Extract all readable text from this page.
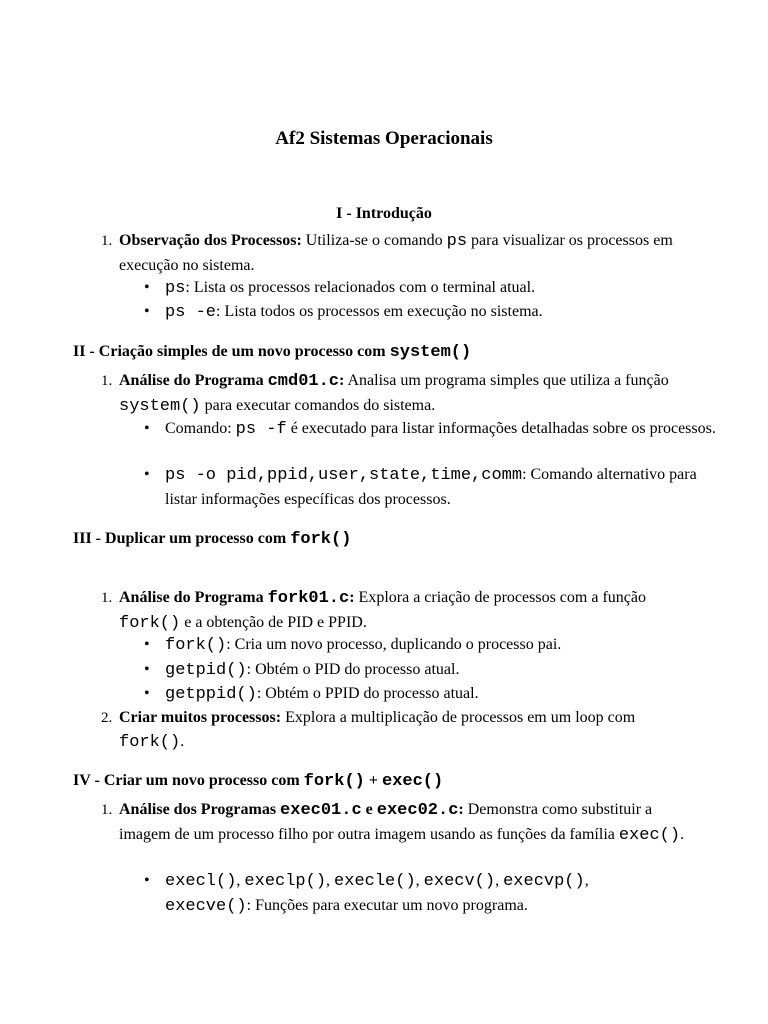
Af2 Sistemas Operacionais
I - Introdução
1. Observação dos Processos: Utiliza-se o comando ps para visualizar os processos em execução no sistema.
• ps: Lista os processos relacionados com o terminal atual.
• ps -e: Lista todos os processos em execução no sistema.
II - Criação simples de um novo processo com system()
1. Análise do Programa cmd01.c: Analisa um programa simples que utiliza a função system() para executar comandos do sistema.
• Comando: ps -f é executado para listar informações detalhadas sobre os processos.
• ps -o pid,ppid,user,state,time,comm: Comando alternativo para listar informações específicas dos processos.
III - Duplicar um processo com fork()
1. Análise do Programa fork01.c: Explora a criação de processos com a função fork() e a obtenção de PID e PPID.
• fork(): Cria um novo processo, duplicando o processo pai.
• getpid(): Obtém o PID do processo atual.
• getppid(): Obtém o PPID do processo atual.
2. Criar muitos processos: Explora a multiplicação de processos em um loop com fork().
IV - Criar um novo processo com fork() + exec()
1. Análise dos Programas exec01.c e exec02.c: Demonstra como substituir a imagem de um processo filho por outra imagem usando as funções da família exec().
• execl(), execlp(), execle(), execv(), execvp(),
execve(): Funções para executar um novo programa.
